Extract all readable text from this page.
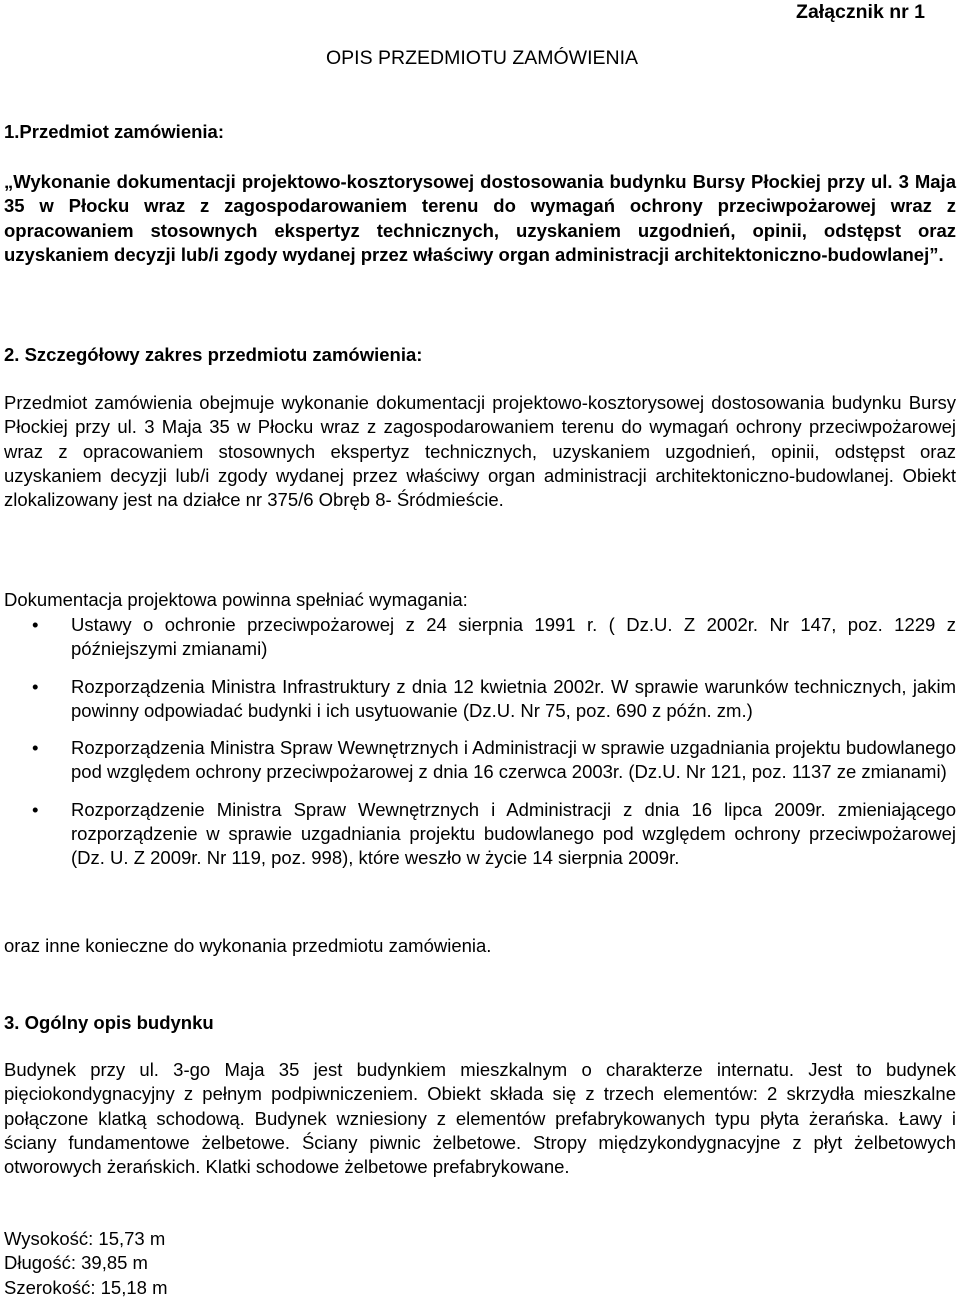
Załącznik nr 1
OPIS PRZEDMIOTU ZAMÓWIENIA
1.Przedmiot zamówienia:
„Wykonanie dokumentacji projektowo-kosztorysowej dostosowania budynku Bursy Płockiej przy ul. 3 Maja 35 w Płocku wraz z zagospodarowaniem terenu do wymagań ochrony przeciwpożarowej wraz z opracowaniem stosownych ekspertyz technicznych, uzyskaniem uzgodnień, opinii, odstępst oraz uzyskaniem decyzji lub/i zgody wydanej przez właściwy organ administracji architektoniczno-budowlanej”.
2. Szczegółowy zakres przedmiotu zamówienia:
Przedmiot zamówienia obejmuje wykonanie dokumentacji projektowo-kosztorysowej dostosowania budynku Bursy Płockiej przy ul. 3 Maja 35 w Płocku wraz z zagospodarowaniem terenu do wymagań ochrony przeciwpożarowej wraz z opracowaniem stosownych ekspertyz technicznych, uzyskaniem uzgodnień, opinii, odstępst oraz uzyskaniem decyzji lub/i zgody wydanej przez właściwy organ administracji architektoniczno-budowlanej. Obiekt zlokalizowany jest na działce nr 375/6 Obręb 8- Śródmieście.
Dokumentacja projektowa powinna spełniać wymagania:
• Ustawy o ochronie przeciwpożarowej z 24 sierpnia 1991 r. ( Dz.U. Z 2002r. Nr 147, poz. 1229 z późniejszymi zmianami)
• Rozporządzenia Ministra Infrastruktury z dnia 12 kwietnia 2002r. W sprawie warunków technicznych, jakim powinny odpowiadać budynki i ich usytuowanie (Dz.U. Nr 75, poz. 690 z późn. zm.)
• Rozporządzenia Ministra Spraw Wewnętrznych i Administracji w sprawie uzgadniania projektu budowlanego pod względem ochrony przeciwpożarowej z dnia 16 czerwca 2003r. (Dz.U. Nr 121, poz. 1137 ze zmianami)
• Rozporządzenie Ministra Spraw Wewnętrznych i Administracji z dnia 16 lipca 2009r. zmieniającego rozporządzenie w sprawie uzgadniania projektu budowlanego pod względem ochrony przeciwpożarowej (Dz. U. Z 2009r. Nr 119, poz. 998), które weszło w życie 14 sierpnia 2009r.
oraz inne konieczne do wykonania przedmiotu zamówienia.
3. Ogólny opis budynku
Budynek przy ul. 3-go Maja 35 jest budynkiem mieszkalnym o charakterze internatu. Jest to budynek pięciokondygnacyjny z pełnym podpiwniczeniem. Obiekt składa się z trzech elementów: 2 skrzydła mieszkalne połączone klatką schodową. Budynek wzniesiony z elementów prefabrykowanych typu płyta żerańska. Ławy i ściany fundamentowe żelbetowe. Ściany piwnic żelbetowe. Stropy międzykondygnacyjne z płyt żelbetowych otworowych żerańskich. Klatki schodowe żelbetowe prefabrykowane.
Wysokość: 15,73 m
Długość: 39,85 m
Szerokość: 15,18 m
